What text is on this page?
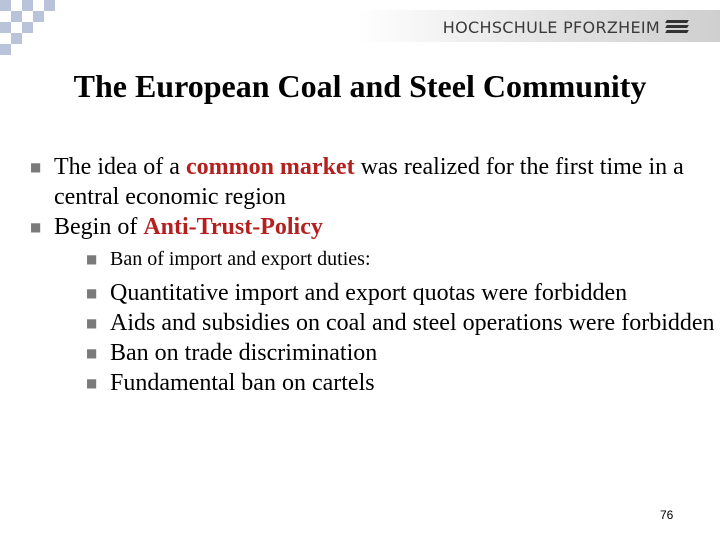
HOCHSCHULE PFORZHEIM
The European Coal and Steel Community
■ The idea of a common market was realized for the first time in a central economic region
■ Begin of Anti-Trust-Policy
■ Ban of import and export duties:
■ Quantitative import and export quotas were forbidden
■ Aids and subsidies on coal and steel operations were forbidden
■ Ban on trade discrimination
■ Fundamental ban on cartels
76
